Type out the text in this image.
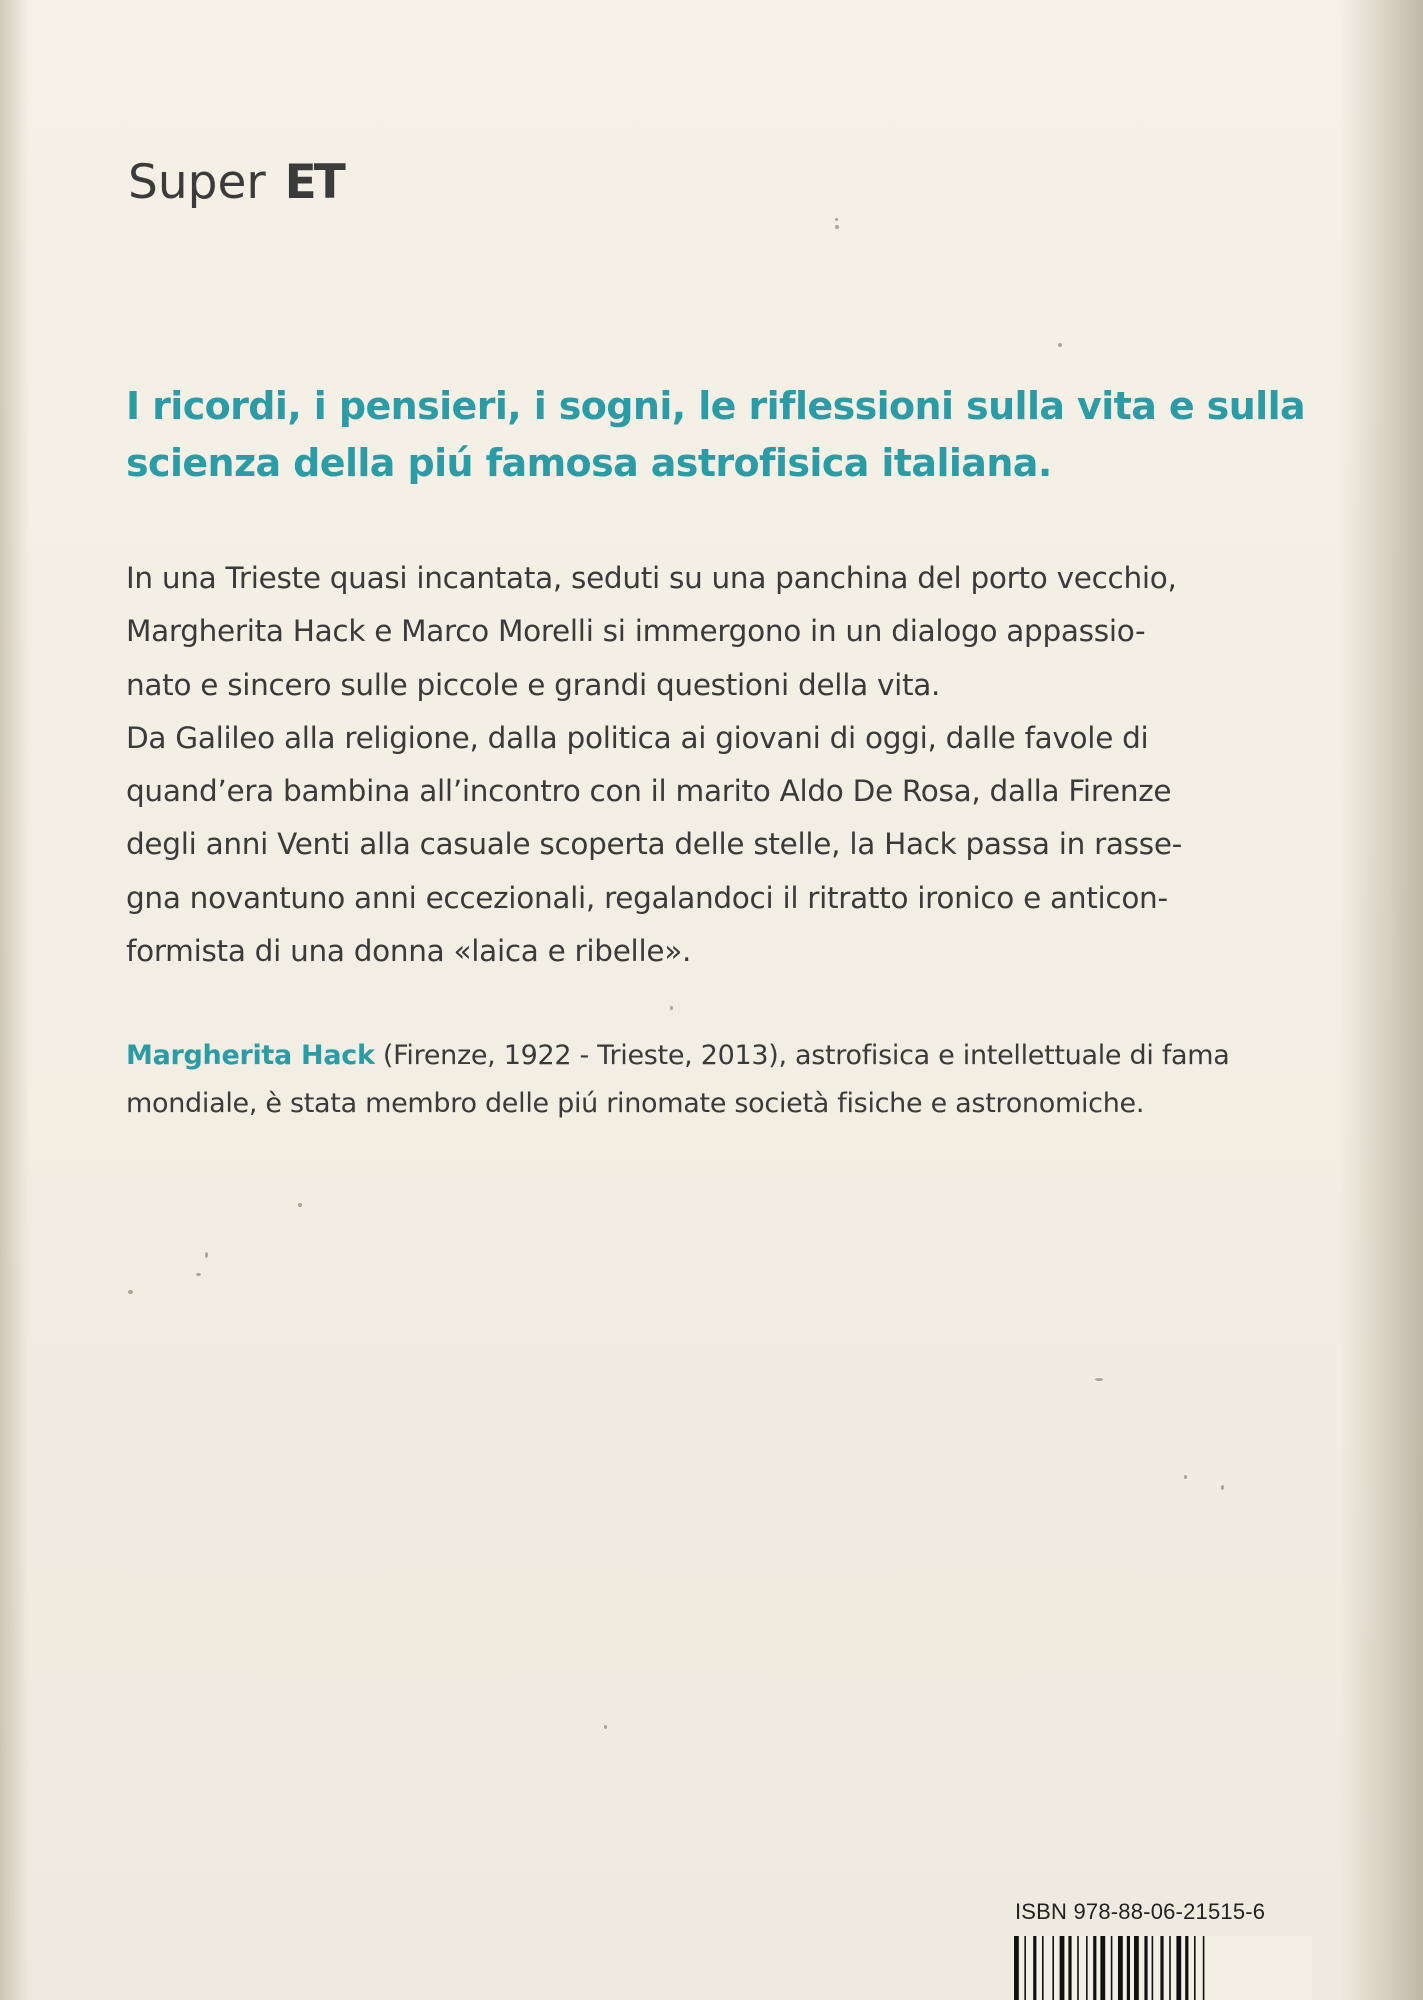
Super ET

I ricordi, i pensieri, i sogni, le riflessioni sulla vita e sulla

scienza della piú famosa astrofisica italiana.

In una Trieste quasi incantata, seduti su una panchina del porto vecchio,

Margherita Hack e Marco Morelli si immergono in un dialogo appassio-

nato e sincero sulle piccole e grandi questioni della vita.

Da Galileo alla religione, dalla politica ai giovani di oggi, dalle favole di

quand’era bambina all’incontro con il marito Aldo De Rosa, dalla Firenze

degli anni Venti alla casuale scoperta delle stelle, la Hack passa in rasse-

gna novantuno anni eccezionali, regalandoci il ritratto ironico e anticon-

formista di una donna «laica e ribelle».

Margherita Hack (Firenze, 1922 - Trieste, 2013), astrofisica e intellettuale di fama

mondiale, è stata membro delle piú rinomate società fisiche e astronomiche.

ISBN 978-88-06-21515-6
